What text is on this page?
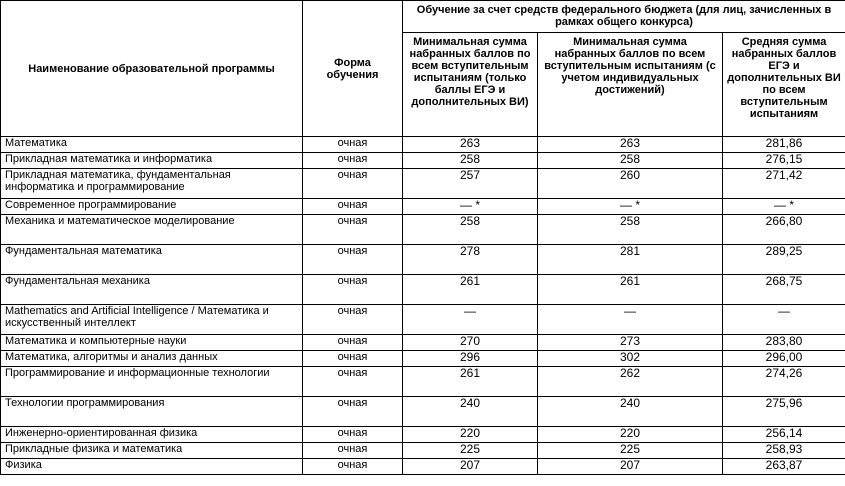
Наименование образовательной программы	Форма обучения	Обучение за счет средств федерального бюджета (для лиц, зачисленных в рамках общего конкурса)		
		Минимальная сумма набранных баллов по всем вступительным испытаниям (только баллы ЕГЭ и дополнительных ВИ)	Минимальная сумма набранных баллов по всем вступительным испытаниям (с учетом индивидуальных достижений)	Средняя сумма набранных баллов ЕГЭ и дополнительных ВИ по всем вступительным испытаниям
Математика	очная	263	263	281,86
Прикладная математика и информатика	очная	258	258	276,15
Прикладная математика, фундаментальная информатика и программирование	очная	257	260	271,42
Современное программирование	очная	— *	— *	— *
Механика и математическое моделирование	очная	258	258	266,80
Фундаментальная математика	очная	278	281	289,25
Фундаментальная механика	очная	261	261	268,75
Mathematics and Artificial Intelligence / Математика и искусственный интеллект	очная	—	—	—
Математика и компьютерные науки	очная	270	273	283,80
Математика, алгоритмы и анализ данных	очная	296	302	296,00
Программирование и информационные технологии	очная	261	262	274,26
Технологии программирования	очная	240	240	275,96
Инженерно-ориентированная физика	очная	220	220	256,14
Прикладные физика и математика	очная	225	225	258,93
Физика	очная	207	207	263,87
